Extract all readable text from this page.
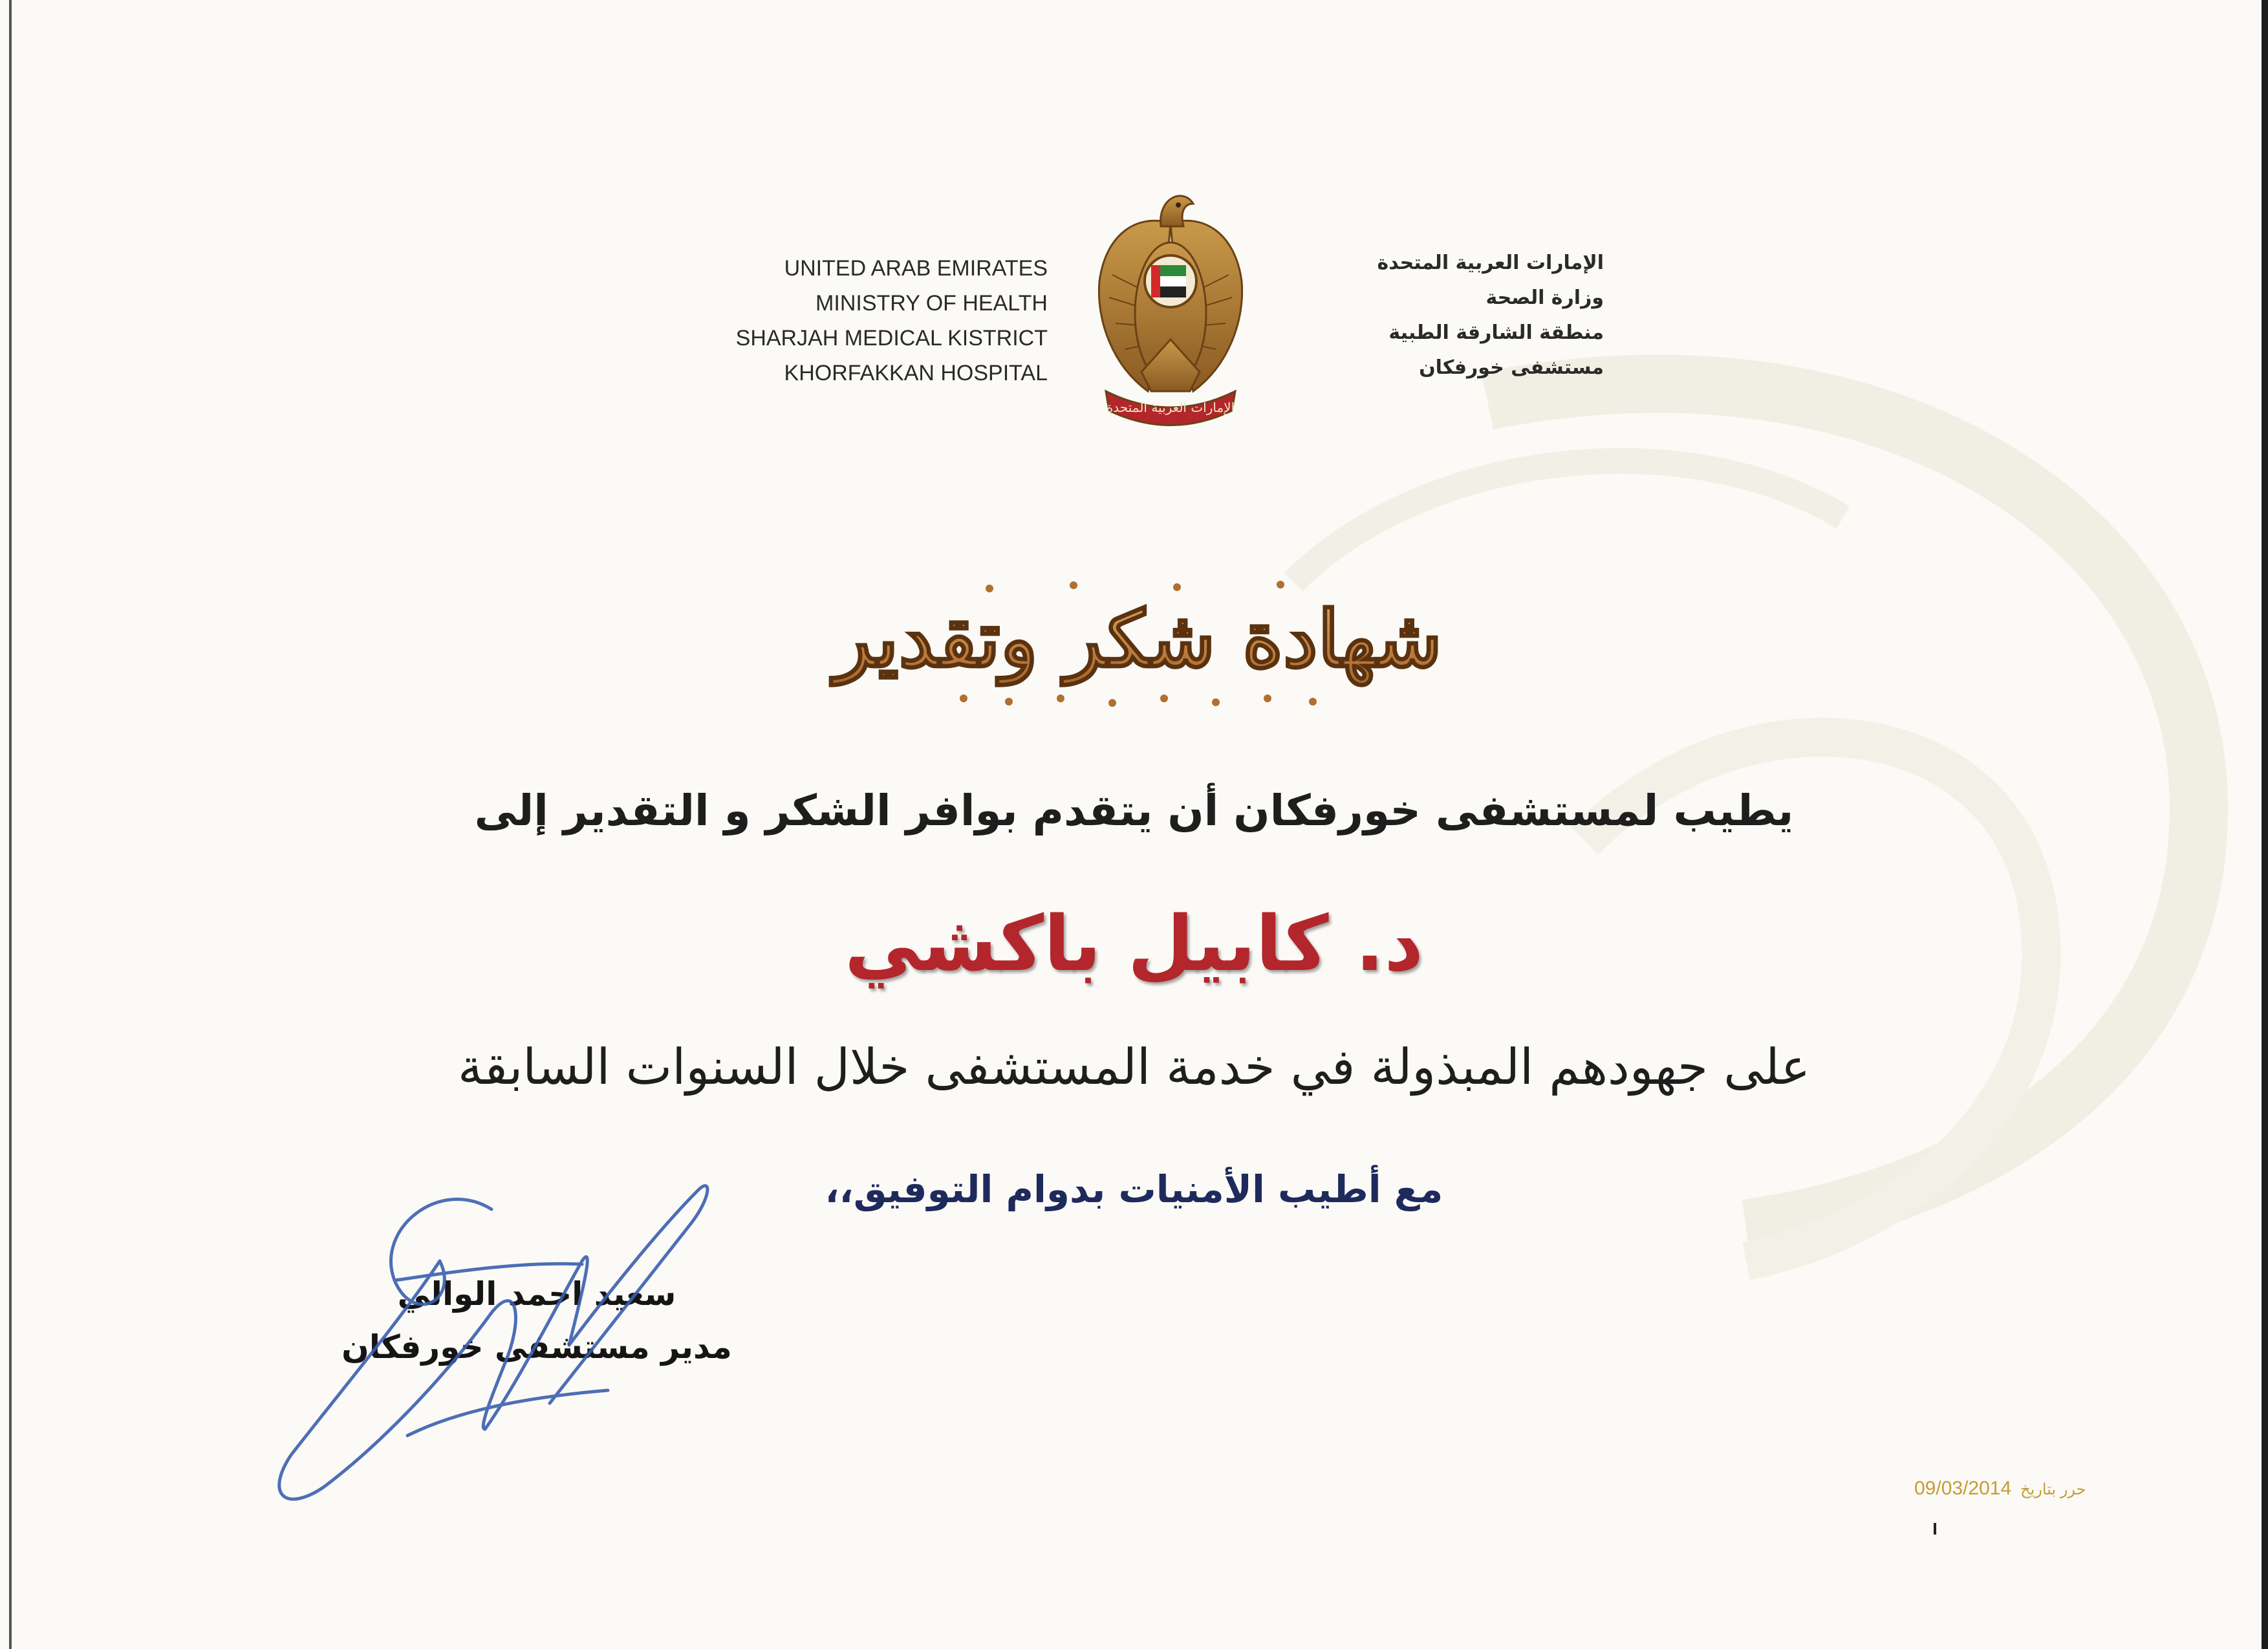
UNITED ARAB EMIRATES
MINISTRY OF HEALTH
SHARJAH MEDICAL KISTRICT
KHORFAKKAN HOSPITAL
الإمارات العربية المتحدة
الإمارات العربية المتحدة
وزارة الصحة
منطقة الشارقة الطبية
مستشفى خورفكان
شهادة شكر وتقدير
يطيب لمستشفى خورفكان أن يتقدم بوافر الشكر و التقدير إلى
د. كابيل باكشي
على جهودهم المبذولة في خدمة المستشفى خلال السنوات السابقة
مع أطيب الأمنيات بدوام التوفيق،،
سعيد احمد الوالي
مدير مستشفى خورفكان
09/03/2014 حرر بتاريخ
